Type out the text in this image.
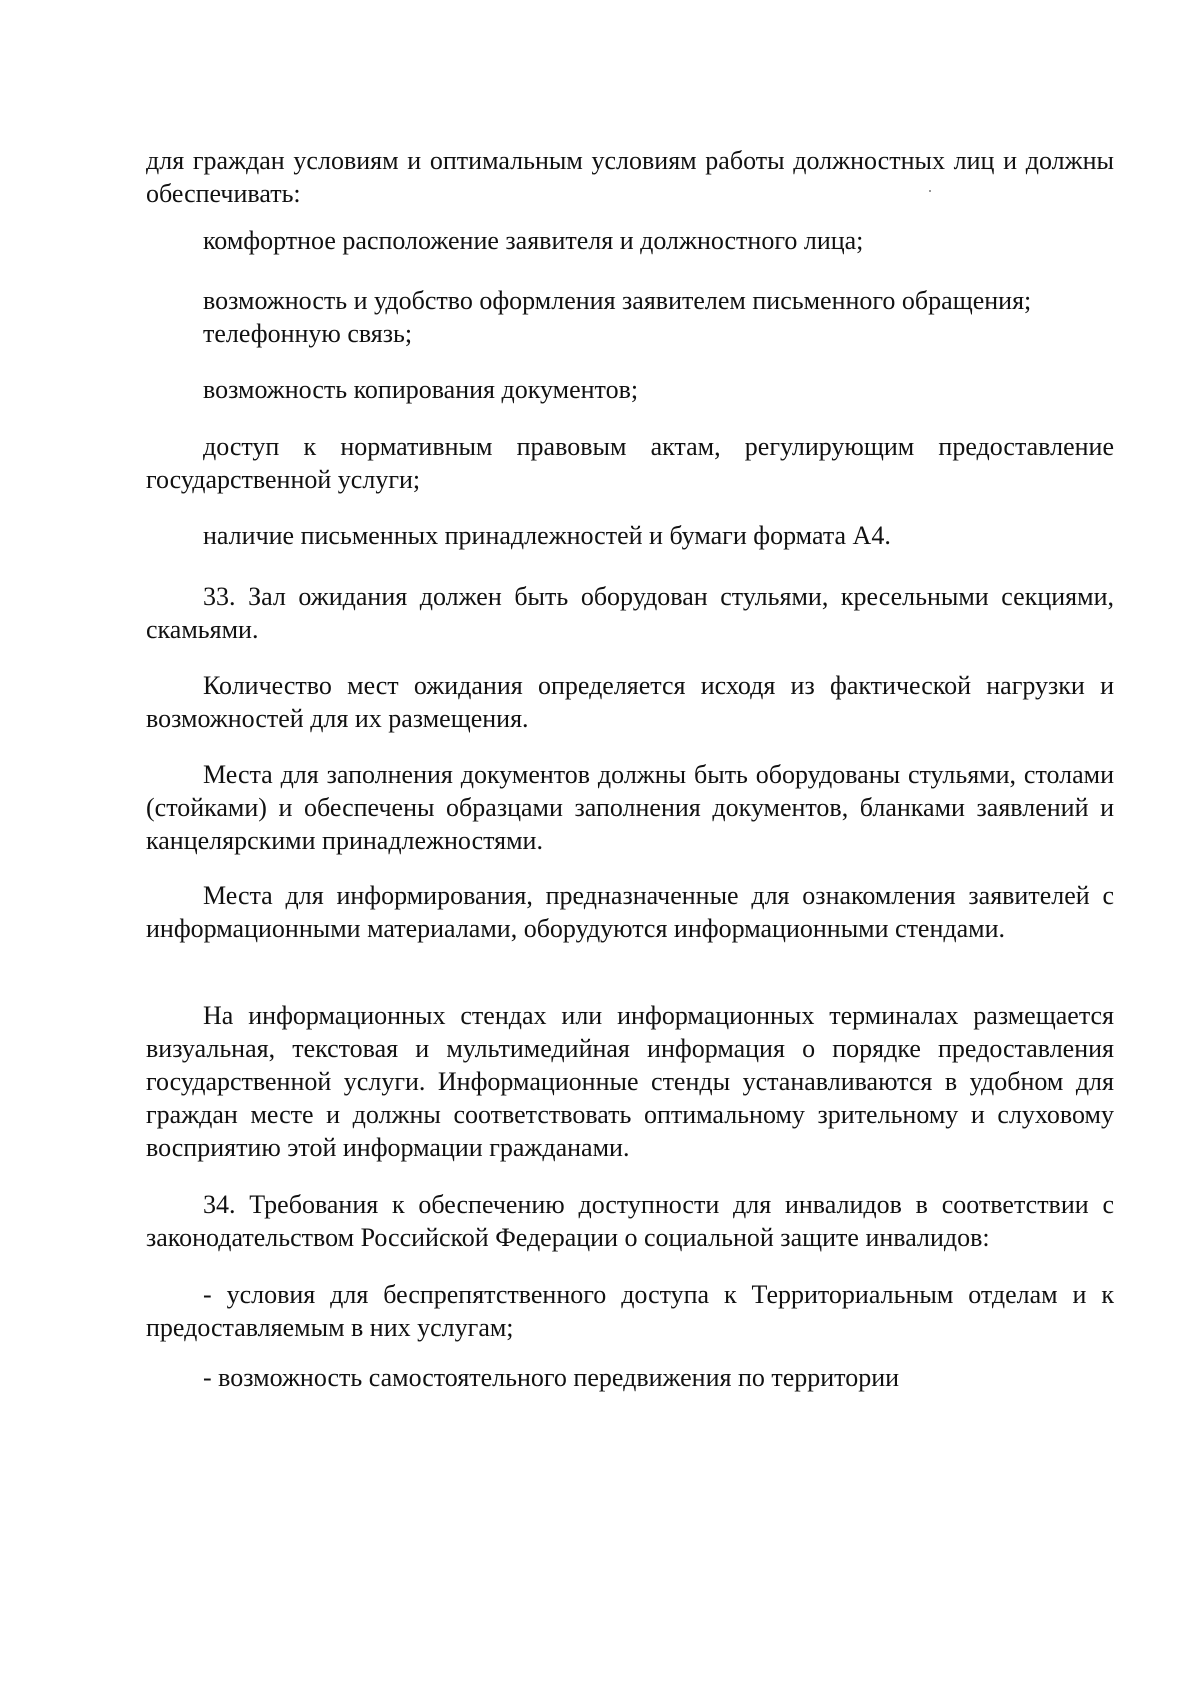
для граждан условиям и оптимальным условиям работы должностных лиц и должны обеспечивать:

комфортное расположение заявителя и должностного лица;

возможность и удобство оформления заявителем письменного обращения;

телефонную связь;

возможность копирования документов;

доступ к нормативным правовым актам, регулирующим предоставление государственной услуги;

наличие письменных принадлежностей и бумаги формата А4.

33. Зал ожидания должен быть оборудован стульями, кресельными секциями, скамьями.

Количество мест ожидания определяется исходя из фактической нагрузки и возможностей для их размещения.

Места для заполнения документов должны быть оборудованы стульями, столами (стойками) и обеспечены образцами заполнения документов, бланками заявлений и канцелярскими принадлежностями.

Места для информирования, предназначенные для ознакомления заявителей с информационными материалами, оборудуются информационными стендами.

На информационных стендах или информационных терминалах размещается визуальная, текстовая и мультимедийная информация о порядке предоставления государственной услуги. Информационные стенды устанавливаются в удобном для граждан месте и должны соответствовать оптимальному зрительному и слуховому восприятию этой информации гражданами.

34. Требования к обеспечению доступности для инвалидов в соответствии с законодательством Российской Федерации о социальной защите инвалидов:

- условия для беспрепятственного доступа к Территориальным отделам и к предоставляемым в них услугам;

- возможность самостоятельного передвижения по территории
